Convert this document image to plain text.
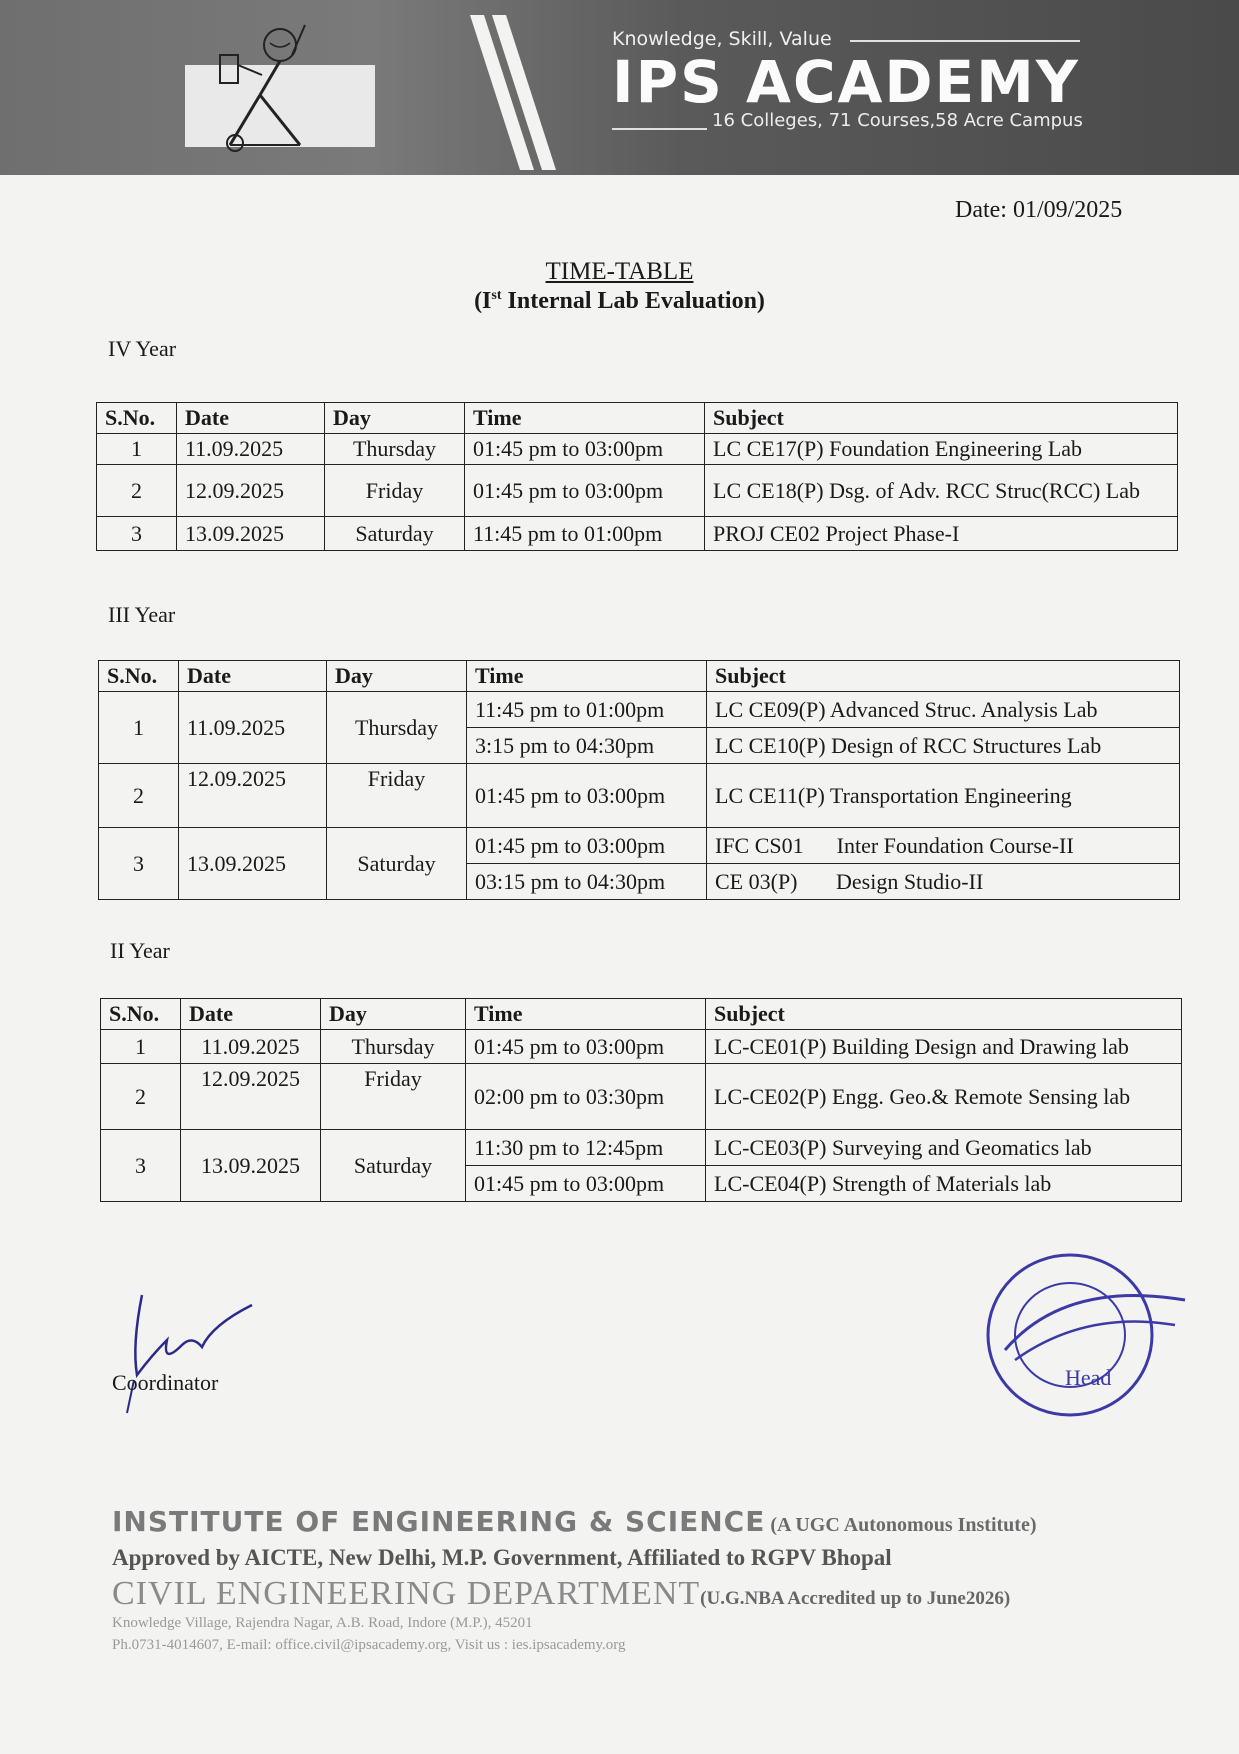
Knowledge, Skill, Value
IPS ACADEMY
16 Colleges, 71 Courses,58 Acre Campus
Date: 01/09/2025
TIME-TABLE
(Ist Internal Lab Evaluation)
IV Year
S.No.	Date	Day	Time	Subject
1	11.09.2025	Thursday	01:45 pm to 03:00pm	LC CE17(P) Foundation Engineering Lab
2	12.09.2025	Friday	01:45 pm to 03:00pm	LC CE18(P) Dsg. of Adv. RCC Struc(RCC) Lab
3	13.09.2025	Saturday	11:45 pm to 01:00pm	PROJ CE02 Project Phase-I
III Year
S.No.	Date	Day	Time	Subject
1	11.09.2025	Thursday	11:45 pm to 01:00pm	LC CE09(P) Advanced Struc. Analysis Lab
			3:15 pm to 04:30pm	LC CE10(P) Design of RCC Structures Lab
2	12.09.2025	Friday	01:45 pm to 03:00pm	LC CE11(P) Transportation Engineering
3	13.09.2025	Saturday	01:45 pm to 03:00pm	IFC CS01      Inter Foundation Course-II
			03:15 pm to 04:30pm	CE 03(P)       Design Studio-II
II Year
S.No.	Date	Day	Time	Subject
1	11.09.2025	Thursday	01:45 pm to 03:00pm	LC-CE01(P) Building Design and Drawing lab
2	12.09.2025	Friday	02:00 pm to 03:30pm	LC-CE02(P) Engg. Geo.& Remote Sensing lab
3	13.09.2025	Saturday	11:30 pm to 12:45pm	LC-CE03(P) Surveying and Geomatics lab
			01:45 pm to 03:00pm	LC-CE04(P) Strength of Materials lab
Coordinator	Head
INSTITUTE OF ENGINEERING & SCIENCE (A UGC Autonomous Institute)
Approved by AICTE, New Delhi, M.P. Government, Affiliated to RGPV Bhopal
CIVIL ENGINEERING DEPARTMENT(U.G.NBA Accredited up to June2026)
Knowledge Village, Rajendra Nagar, A.B. Road, Indore (M.P.), 45201
Ph.0731-4014607, E-mail: office.civil@ipsacademy.org, Visit us : ies.ipsacademy.org
